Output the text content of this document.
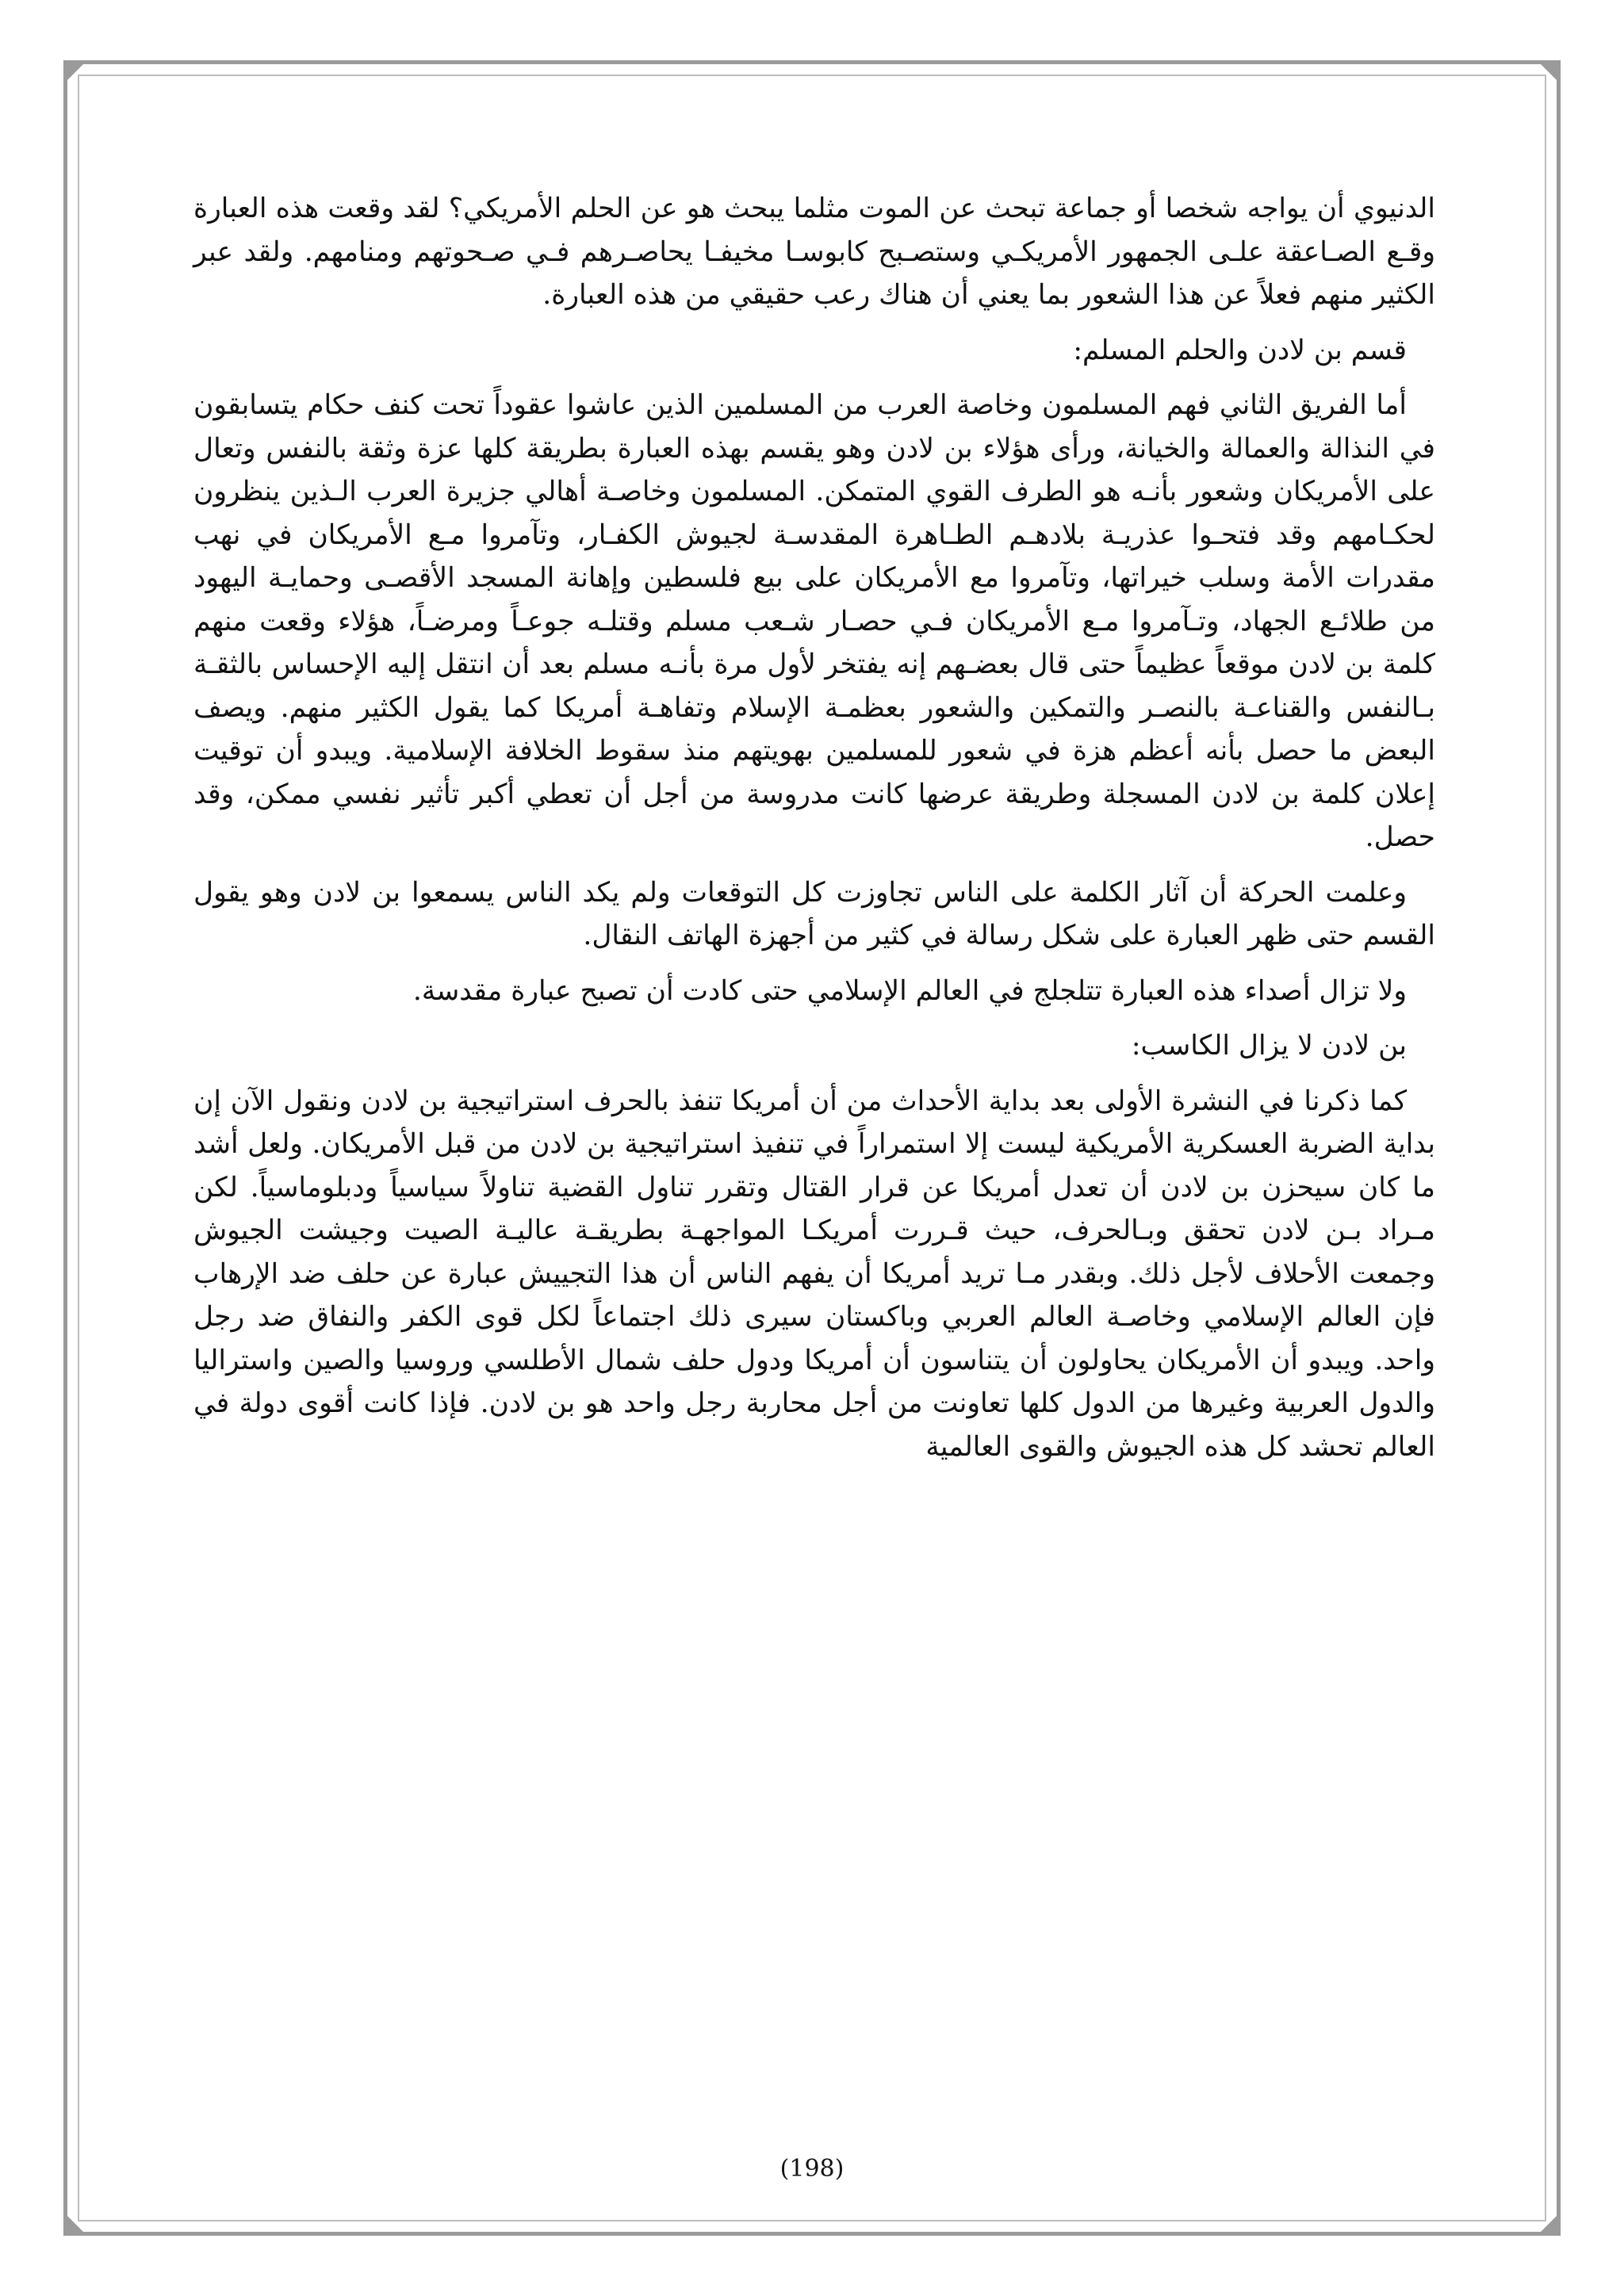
الدنيوي أن يواجه شخصا أو جماعة تبحث عن الموت مثلما يبحث هو عن الحلم الأمريكي؟ لقد وقعت هذه العبارة وقـع الصـاعقة علـى الجمهور الأمريكـي وستصـبح كابوسـا مخيفـا يحاصـرهم فـي صـحوتهم ومنامهم. ولقد عبر الكثير منهم فعلاً عن هذا الشعور بما يعني أن هناك رعب حقيقي من هذه العبارة.

قسم بن لادن والحلم المسلم:

أما الفريق الثاني فهم المسلمون وخاصة العرب من المسلمين الذين عاشوا عقوداً تحت كنف حكام يتسابقون في النذالة والعمالة والخيانة، ورأى هؤلاء بن لادن وهو يقسم بهذه العبارة بطريقة كلها عزة وثقة بالنفس وتعال على الأمريكان وشعور بأنـه هو الطرف القوي المتمكن. المسلمون وخاصـة أهالي جزيرة العرب الـذين ينظرون لحكـامهم وقد فتحـوا عذريـة بلادهـم الطـاهرة المقدسـة لجيوش الكفـار، وتآمروا مـع الأمريكان في نهب مقدرات الأمة وسلب خيراتها، وتآمروا مع الأمريكان على بيع فلسطين وإهانة المسجد الأقصـى وحمايـة اليهود من طلائـع الجهاد، وتـآمروا مـع الأمريكان فـي حصـار شـعب مسلم وقتلـه جوعـاً ومرضـاً، هؤلاء وقعت منهم كلمة بن لادن موقعاً عظيماً حتى قال بعضـهم إنه يفتخر لأول مرة بأنـه مسلم بعد أن انتقل إليه الإحساس بالثقـة بـالنفس والقناعـة بالنصـر والتمكين والشعور بعظمـة الإسلام وتفاهـة أمريكا كما يقول الكثير منهم. ويصف البعض ما حصل بأنه أعظم هزة في شعور للمسلمين بهويتهم منذ سقوط الخلافة الإسلامية. ويبدو أن توقيت إعلان كلمة بن لادن المسجلة وطريقة عرضها كانت مدروسة من أجل أن تعطي أكبر تأثير نفسي ممكن، وقد حصل.

وعلمت الحركة أن آثار الكلمة على الناس تجاوزت كل التوقعات ولم يكد الناس يسمعوا بن لادن وهو يقول القسم حتى ظهر العبارة على شكل رسالة في كثير من أجهزة الهاتف النقال.

ولا تزال أصداء هذه العبارة تتلجلج في العالم الإسلامي حتى كادت أن تصبح عبارة مقدسة.

بن لادن لا يزال الكاسب:

كما ذكرنا في النشرة الأولى بعد بداية الأحداث من أن أمريكا تنفذ بالحرف استراتيجية بن لادن ونقول الآن إن بداية الضربة العسكرية الأمريكية ليست إلا استمراراً في تنفيذ استراتيجية بن لادن من قبل الأمريكان. ولعل أشد ما كان سيحزن بن لادن أن تعدل أمريكا عن قرار القتال وتقرر تناول القضية تناولاً سياسياً ودبلوماسياً. لكن مـراد بـن لادن تحقق وبـالحرف، حيث قـررت أمريكـا المواجهـة بطريقـة عاليـة الصيت وجيشت الجيوش وجمعت الأحلاف لأجل ذلك. وبقدر مـا تريد أمريكا أن يفهم الناس أن هذا التجييش عبارة عن حلف ضد الإرهاب فإن العالم الإسلامي وخاصـة العالم العربي وباكستان سيرى ذلك اجتماعاً لكل قوى الكفر والنفاق ضد رجل واحد. ويبدو أن الأمريكان يحاولون أن يتناسون أن أمريكا ودول حلف شمال الأطلسي وروسيا والصين واستراليا والدول العربية وغيرها من الدول كلها تعاونت من أجل محاربة رجل واحد هو بن لادن. فإذا كانت أقوى دولة في العالم تحشد كل هذه الجيوش والقوى العالمية

(198)
